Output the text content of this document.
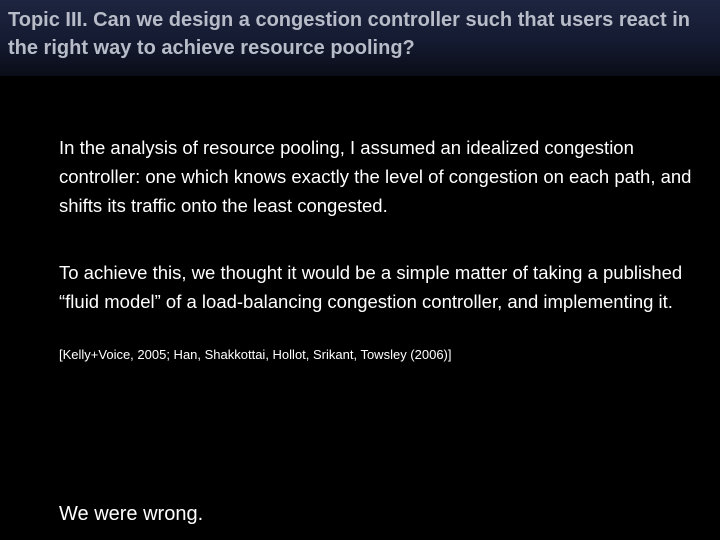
Topic III. Can we design a congestion controller such that users react in the right way to achieve resource pooling?

In the analysis of resource pooling, I assumed an idealized congestion controller: one which knows exactly the level of congestion on each path, and shifts its traffic onto the least congested.

To achieve this, we thought it would be a simple matter of taking a published “fluid model” of a load-balancing congestion controller, and implementing it.

[Kelly+Voice, 2005; Han, Shakkottai, Hollot, Srikant, Towsley (2006)]

We were wrong.
